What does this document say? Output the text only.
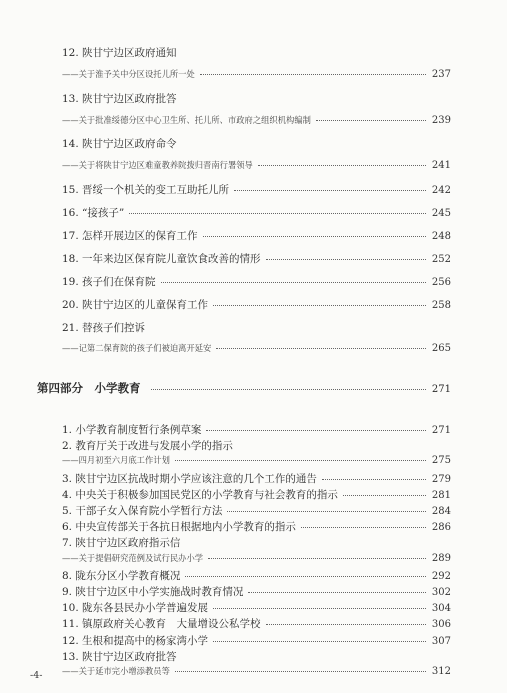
12. 陕甘宁边区政府通知
——关于淮予关中分区设托儿所一处	237
13. 陕甘宁边区政府批答
——关于批准绥德分区中心卫生所、托儿所、市政府之组织机构编制	239
14. 陕甘宁边区政府命令
——关于将陕甘宁边区难童教养院拨归晋南行署领导	241
15. 晋绥一个机关的变工互助托儿所	242
16. “接孩子”	245
17. 怎样开展边区的保育工作	248
18. 一年来边区保育院儿童饮食改善的情形	252
19. 孩子们在保育院	256
20. 陕甘宁边区的儿童保育工作	258
21. 替孩子们控诉
——记第二保育院的孩子们被迫离开延安	265
第四部分　小学教育	271
1. 小学教育制度暂行条例草案	271
2. 教育厅关于改进与发展小学的指示
——四月初至六月底工作计划	275
3. 陕甘宁边区抗战时期小学应该注意的几个工作的通告	279
4. 中央关于积极参加国民党区的小学教育与社会教育的指示	281
5. 干部子女入保育院小学暂行方法	284
6. 中央宣传部关于各抗日根据地内小学教育的指示	286
7. 陕甘宁边区政府指示信
——关于提倡研究范例及试行民办小学	289
8. 陇东分区小学教育概况	292
9. 陕甘宁边区中小学实施战时教育情况	302
10. 陇东各县民办小学普遍发展	304
11. 镇原政府关心教育　大量增设公私学校	306
12. 生根和提高中的杨家湾小学	307
13. 陕甘宁边区政府批答
——关于延市完小增添教员等	312
-4-
